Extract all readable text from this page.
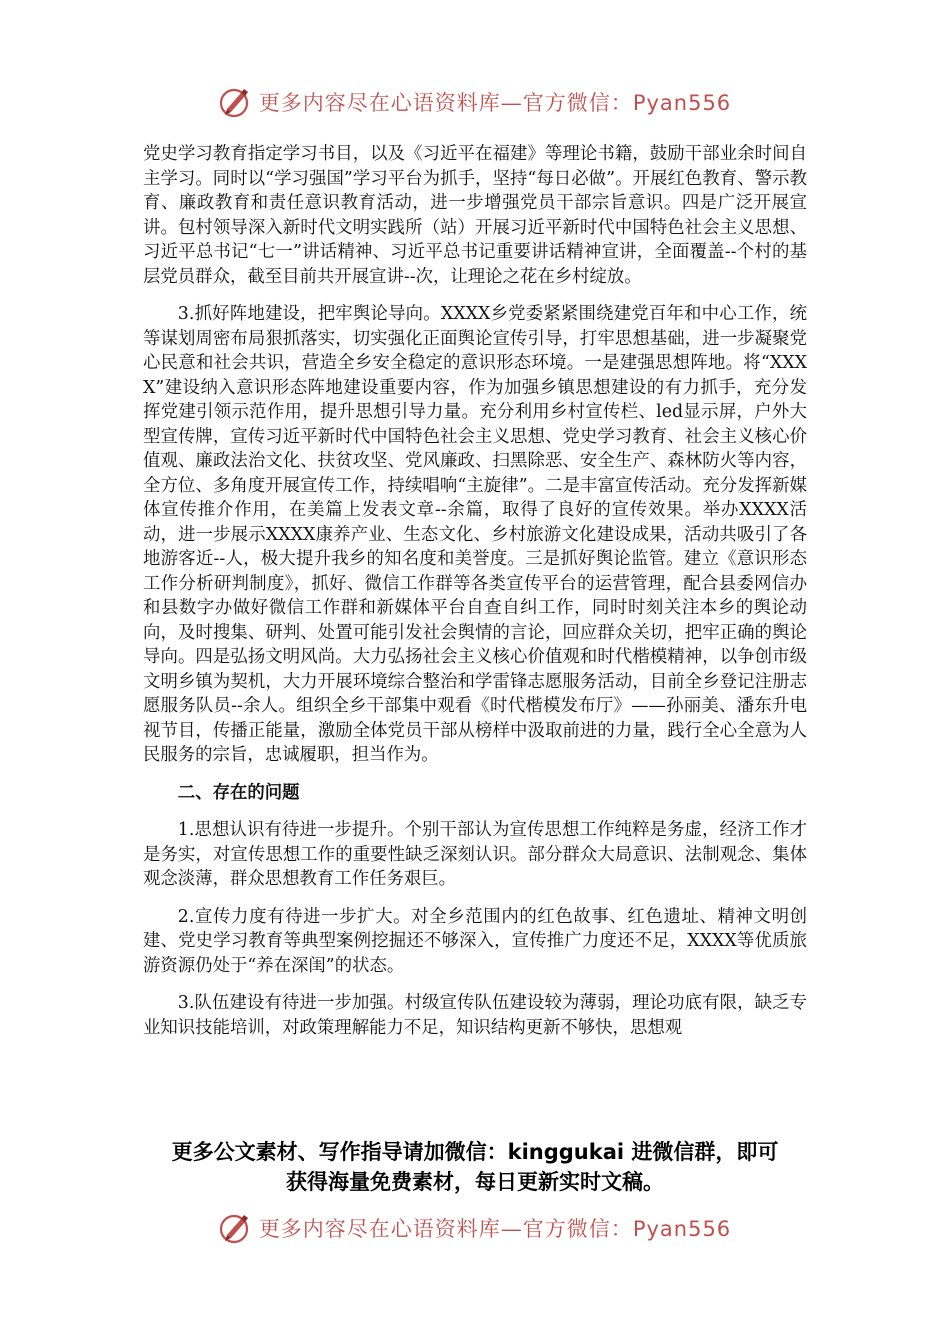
更多内容尽在心语资料库—官方微信：Pyan556

党史学习教育指定学习书目，以及《习近平在福建》等理论书籍，鼓励干部业余时间自主学习。同时以“学习强国”学习平台为抓手，坚持“每日必做”。开展红色教育、警示教育、廉政教育和责任意识教育活动，进一步增强党员干部宗旨意识。四是广泛开展宣讲。包村领导深入新时代文明实践所（站）开展习近平新时代中国特色社会主义思想、习近平总书记“七一”讲话精神、习近平总书记重要讲话精神宣讲，全面覆盖--个村的基层党员群众，截至目前共开展宣讲--次，让理论之花在乡村绽放。

3.抓好阵地建设，把牢舆论导向。XXXX乡党委紧紧围绕建党百年和中心工作，统等谋划周密布局狠抓落实，切实强化正面舆论宣传引导，打牢思想基础，进一步凝聚党心民意和社会共识，营造全乡安全稳定的意识形态环境。一是建强思想阵地。将“XXXX”建设纳入意识形态阵地建设重要内容，作为加强乡镇思想建设的有力抓手，充分发挥党建引领示范作用，提升思想引导力量。充分利用乡村宣传栏、led显示屏，户外大型宣传牌，宣传习近平新时代中国特色社会主义思想、党史学习教育、社会主义核心价值观、廉政法治文化、扶贫攻坚、党风廉政、扫黑除恶、安全生产、森林防火等内容，全方位、多角度开展宣传工作，持续唱响“主旋律”。二是丰富宣传活动。充分发挥新媒体宣传推介作用，在美篇上发表文章--余篇，取得了良好的宣传效果。举办XXXX活动，进一步展示XXXX康养产业、生态文化、乡村旅游文化建设成果，活动共吸引了各地游客近--人，极大提升我乡的知名度和美誉度。三是抓好舆论监管。建立《意识形态工作分析研判制度》，抓好、微信工作群等各类宣传平台的运营管理，配合县委网信办和县数字办做好微信工作群和新媒体平台自查自纠工作，同时时刻关注本乡的舆论动向，及时搜集、研判、处置可能引发社会舆情的言论，回应群众关切，把牢正确的舆论导向。四是弘扬文明风尚。大力弘扬社会主义核心价值观和时代楷模精神，以争创市级文明乡镇为契机，大力开展环境综合整治和学雷锋志愿服务活动，目前全乡登记注册志愿服务队员--余人。组织全乡干部集中观看《时代楷模发布厅》——孙丽美、潘东升电视节目，传播正能量，激励全体党员干部从榜样中汲取前进的力量，践行全心全意为人民服务的宗旨，忠诚履职，担当作为。

二、存在的问题

1.思想认识有待进一步提升。个别干部认为宣传思想工作纯粹是务虚，经济工作才是务实，对宣传思想工作的重要性缺乏深刻认识。部分群众大局意识、法制观念、集体观念淡薄，群众思想教育工作任务艰巨。

2.宣传力度有待进一步扩大。对全乡范围内的红色故事、红色遗址、精神文明创建、党史学习教育等典型案例挖掘还不够深入，宣传推广力度还不足，XXXX等优质旅游资源仍处于“养在深闺”的状态。

3.队伍建设有待进一步加强。村级宣传队伍建设较为薄弱，理论功底有限，缺乏专业知识技能培训，对政策理解能力不足，知识结构更新不够快，思想观

更多公文素材、写作指导请加微信：kinggukai 进微信群，即可
获得海量免费素材，每日更新实时文稿。
更多内容尽在心语资料库—官方微信：Pyan556
